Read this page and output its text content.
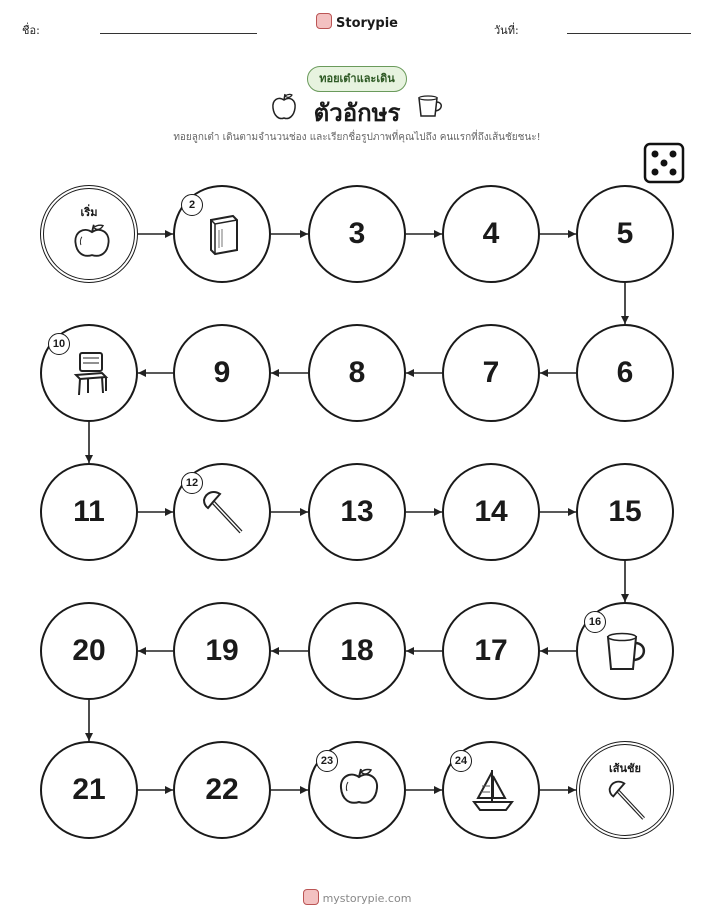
ชื่อ:	Storypie	วันที่:
ทอยเต๋าและเดิน
ตัวอักษร
ทอยลูกเต๋า เดินตามจำนวนช่อง และเรียกชื่อรูปภาพที่คุณไปถึง คนแรกที่ถึงเส้นชัยชนะ!
เริ่ม
2
3	4	5
6
7
8
9
10
11
12
13	14	15
16
17
18
19
20
21	22
23	24
เส้นชัย
mystorypie.com
